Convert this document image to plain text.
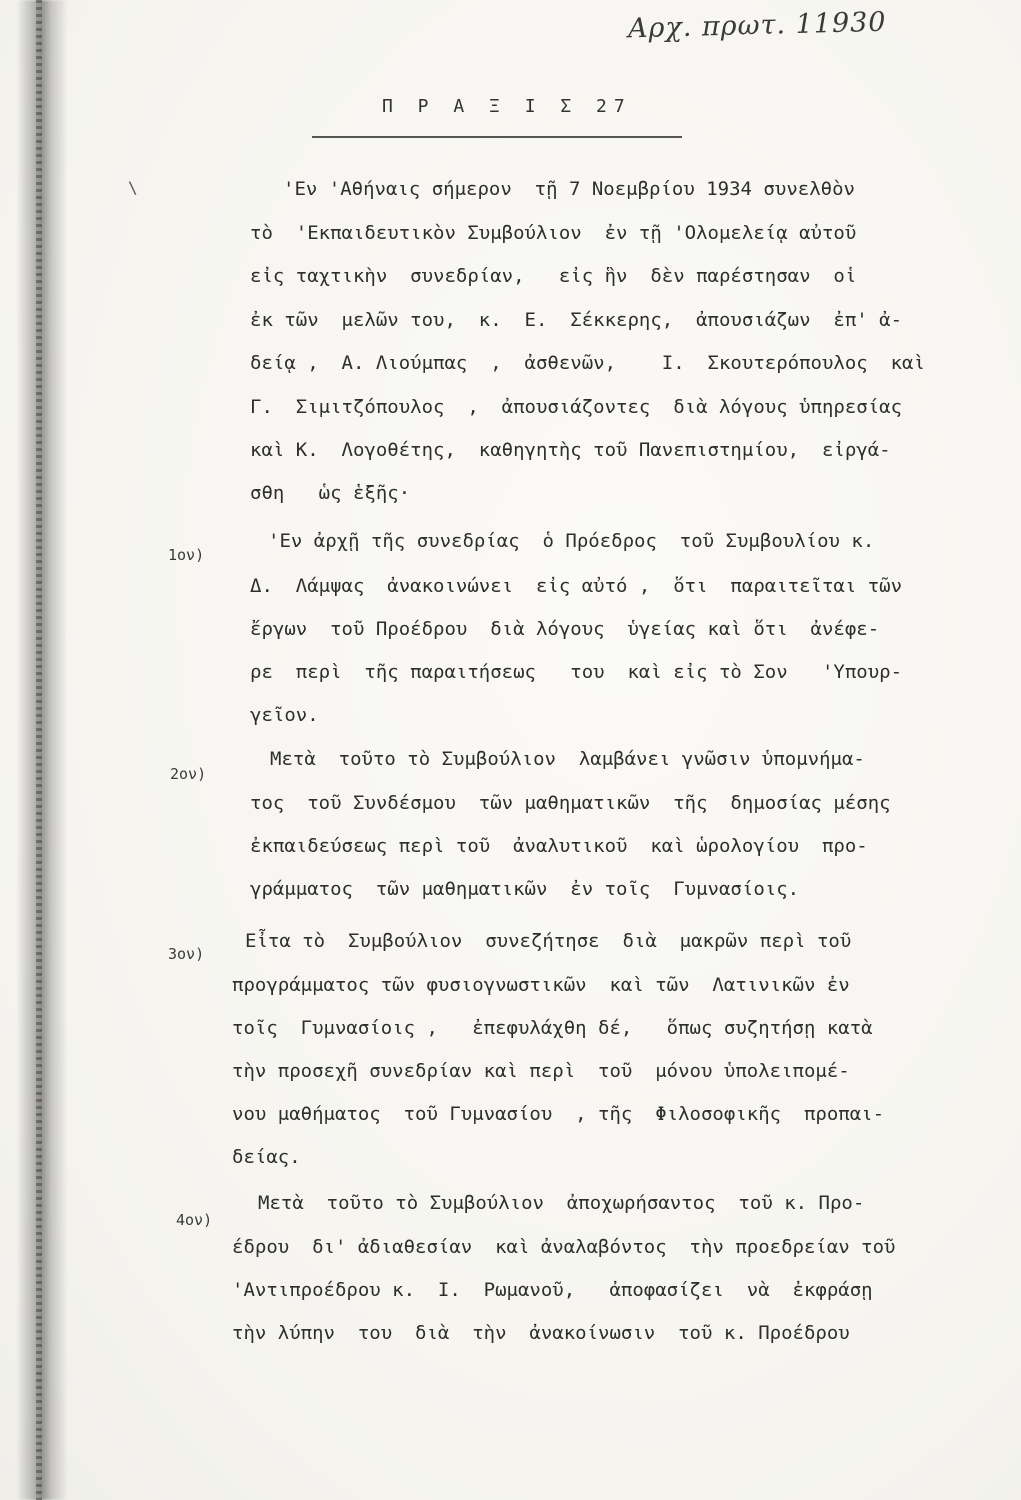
Αρχ. πρωτ. 11930
Π Ρ Α Ξ Ι Σ 27
\	'Εν 'Αθήναις σήμερον  τῇ 7 Νοεμβρίου 1934 συνελθὸν
τὸ  'Εκπαιδευτικὸν Συμβούλιον  ἐν τῇ 'Ολομελείᾳ αὐτοῦ
εἰς ταχτικὴν  συνεδρίαν,   εἰς ἣν  δὲν παρέστησαν  οἱ
ἐκ τῶν  μελῶν του,  κ.  Ε.  Σέκκερης,  ἀπουσιάζων  ἐπ' ἀ-
δείᾳ ,  Α. Λιούμπας  ,  ἀσθενῶν,    Ι.  Σκουτερόπουλος  καὶ
Γ.  Σιμιτζόπουλος  ,  ἀπουσιάζοντες  διὰ λόγους ὑπηρεσίας
καὶ Κ.  Λογοθέτης,  καθηγητὴς τοῦ Πανεπιστημίου,  εἰργά-
σθη   ὡς ἑξῆς·
1ον)
'Εν ἀρχῇ τῆς συνεδρίας  ὁ Πρόεδρος  τοῦ Συμβουλίου κ.
Δ.  Λάμψας  ἀνακοινώνει  εἰς αὐτό ,  ὅτι  παραιτεῖται τῶν
ἔργων  τοῦ Προέδρου  διὰ λόγους  ὑγείας καὶ ὅτι  ἀνέφε-
ρε  περὶ  τῆς παραιτήσεως   του  καὶ εἰς τὸ Σον   'Υπουρ-
γεῖον.
2ον)
Μετὰ  τοῦτο τὸ Συμβούλιον  λαμβάνει γνῶσιν ὑπομνήμα-
τος  τοῦ Συνδέσμου  τῶν μαθηματικῶν  τῆς  δημοσίας μέσης
ἐκπαιδεύσεως περὶ τοῦ  ἀναλυτικοῦ  καὶ ὡρολογίου  προ-
γράμματος  τῶν μαθηματικῶν  ἐν τοῖς  Γυμνασίοις.
3ον)
Εἶτα τὸ  Συμβούλιον  συνεζήτησε  διὰ  μακρῶν περὶ τοῦ
προγράμματος τῶν φυσιογνωστικῶν  καὶ τῶν  Λατινικῶν ἐν
τοῖς  Γυμνασίοις ,   ἐπεφυλάχθη δέ,   ὅπως συζητήσῃ κατὰ
τὴν προσεχῆ συνεδρίαν καὶ περὶ  τοῦ  μόνου ὑπολειπομέ-
νου μαθήματος  τοῦ Γυμνασίου  , τῆς  Φιλοσοφικῆς  προπαι-
δείας.
4ον)
Μετὰ  τοῦτο τὸ Συμβούλιον  ἀποχωρήσαντος  τοῦ κ. Προ-
έδρου  δι' ἀδιαθεσίαν  καὶ ἀναλαβόντος  τὴν προεδρείαν τοῦ
'Αντιπροέδρου κ.  Ι.  Ρωμανοῦ,   ἀποφασίζει  νὰ  ἐκφράσῃ
τὴν λύπην  του  διὰ  τὴν  ἀνακοίνωσιν  τοῦ κ. Προέδρου
